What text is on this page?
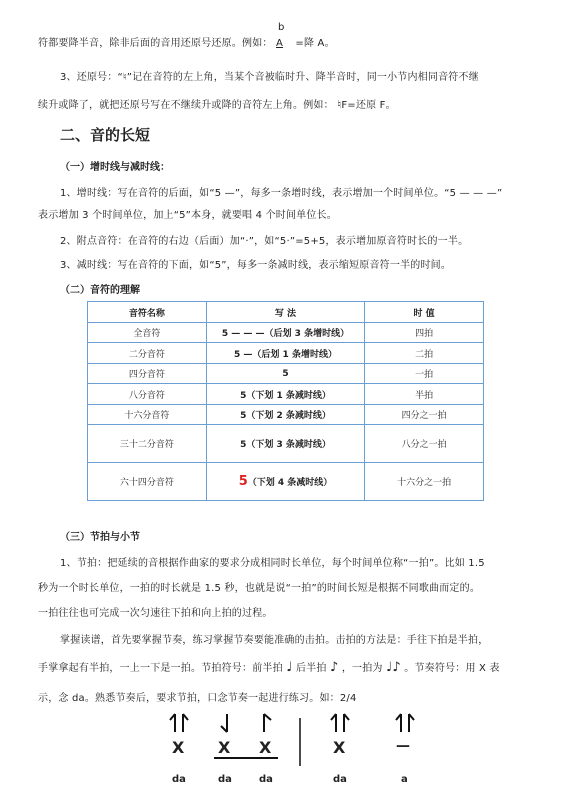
符都要降半音，除非后面的音用还原号还原。例如：
b
A =降 A。
3、还原号：“♮”记在音符的左上角，当某个音被临时升、降半音时，同一小节内相同音符不继
续升或降了，就把还原号写在不继续升或降的音符左上角。例如： ♮F=还原 F。
二、音的长短
（一）增时线与减时线：
1、增时线：写在音符的后面，如“5 —”，每多一条增时线，表示增加一个时间单位。“5 — — —”
表示增加 3 个时间单位，加上“5”本身，就要唱 4 个时间单位长。
2、附点音符：在音符的右边（后面）加“·”，如“5·”=5+5，表示增加原音符时长的一半。
3、减时线：写在音符的下面，如“5”，每多一条减时线，表示缩短原音符一半的时间。
（二）音符的理解
音符名称	写 法	时 值
全音符	5 — — —（后划 3 条增时线）	四拍
二分音符	5 —（后划 1 条增时线）	二拍
四分音符	5	一拍
八分音符	5（下划 1 条减时线）	半拍
十六分音符	5（下划 2 条减时线）	四分之一拍
三十二分音符	5（下划 3 条减时线）	八分之一拍
六十四分音符	5（下划 4 条减时线）	十六分之一拍
（三）节拍与小节
1、节拍：把延续的音根据作曲家的要求分成相同时长单位，每个时间单位称“一拍”。比如 1.5
秒为一个时长单位，一拍的时长就是 1.5 秒，也就是说“一拍”的时间长短是根据不同歌曲而定的。
一拍往往也可完成一次匀速往下拍和向上拍的过程。
掌握读谱，首先要掌握节奏，练习掌握节奏要能准确的击拍。击拍的方法是：手往下拍是半拍，
手掌拿起有半拍，一上一下是一拍。节拍符号：前半拍 ♩ 后半拍 ♪ ，一拍为 ♩♪ 。节奏符号：用 X 表
示，念 da。熟悉节奏后，要求节拍，口念节奏一起进行练习。如：2/4
X X X	X	—
da	da	da	da	a
